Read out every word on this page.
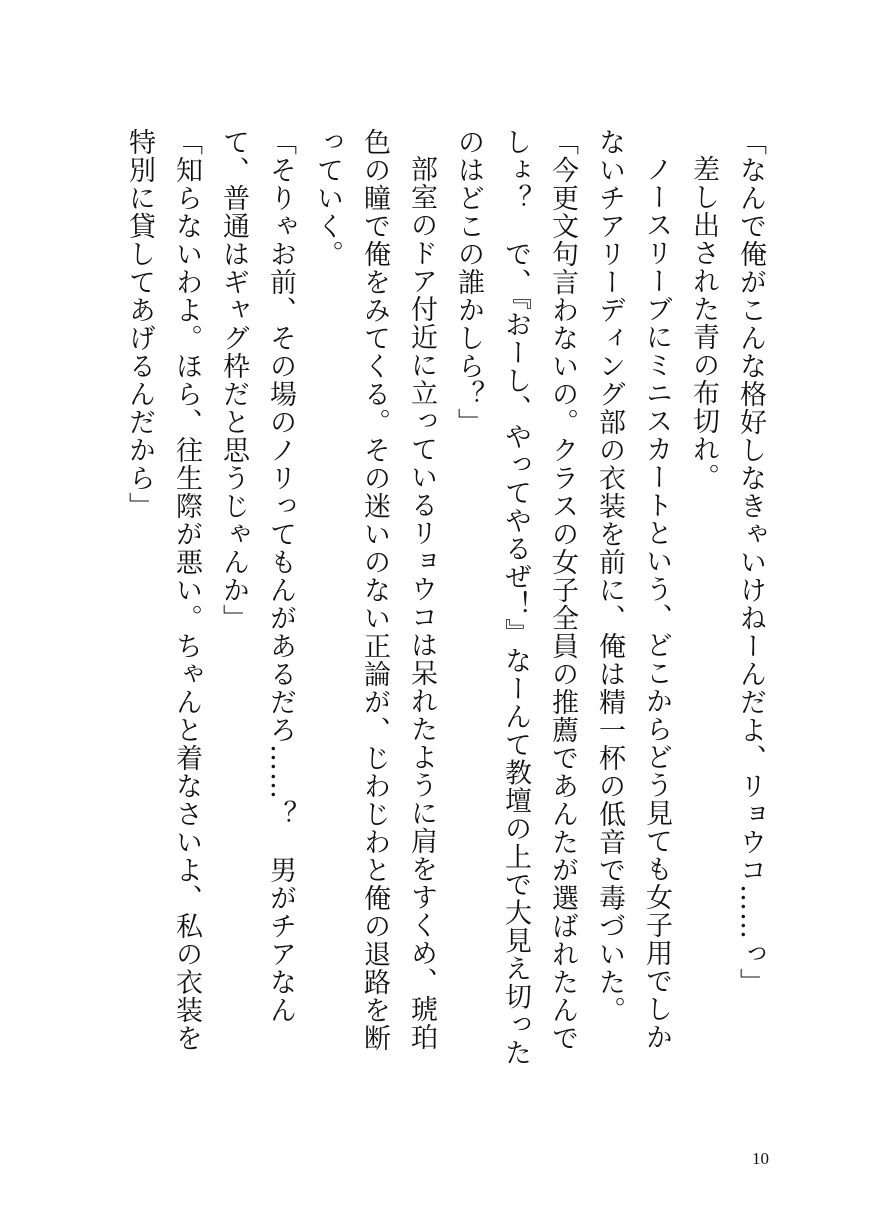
「なんで俺がこんな格好しなきゃいけねーんだよ、リョウコ……っ」

差し出された青の布切れ。

ノースリーブにミニスカートという、どこからどう見ても女子用でしかないチアリーディング部の衣装を前に、俺は精一杯の低音で毒づいた。

「今更文句言わないの。クラスの女子全員の推薦であんたが選ばれたんでしょ？　で、『おーし、やってやるぜ！』なーんて教壇の上で大見え切ったのはどこの誰かしら？」

部室のドア付近に立っているリョウコは呆れたように肩をすくめ、琥珀色の瞳で俺をみてくる。その迷いのない正論が、じわじわと俺の退路を断っていく。

「そりゃお前、その場のノリってもんがあるだろ……？　男がチアなんて、普通はギャグ枠だと思うじゃんか」

「知らないわよ。ほら、往生際が悪い。ちゃんと着なさいよ、私の衣装を特別に貸してあげるんだから」

10
